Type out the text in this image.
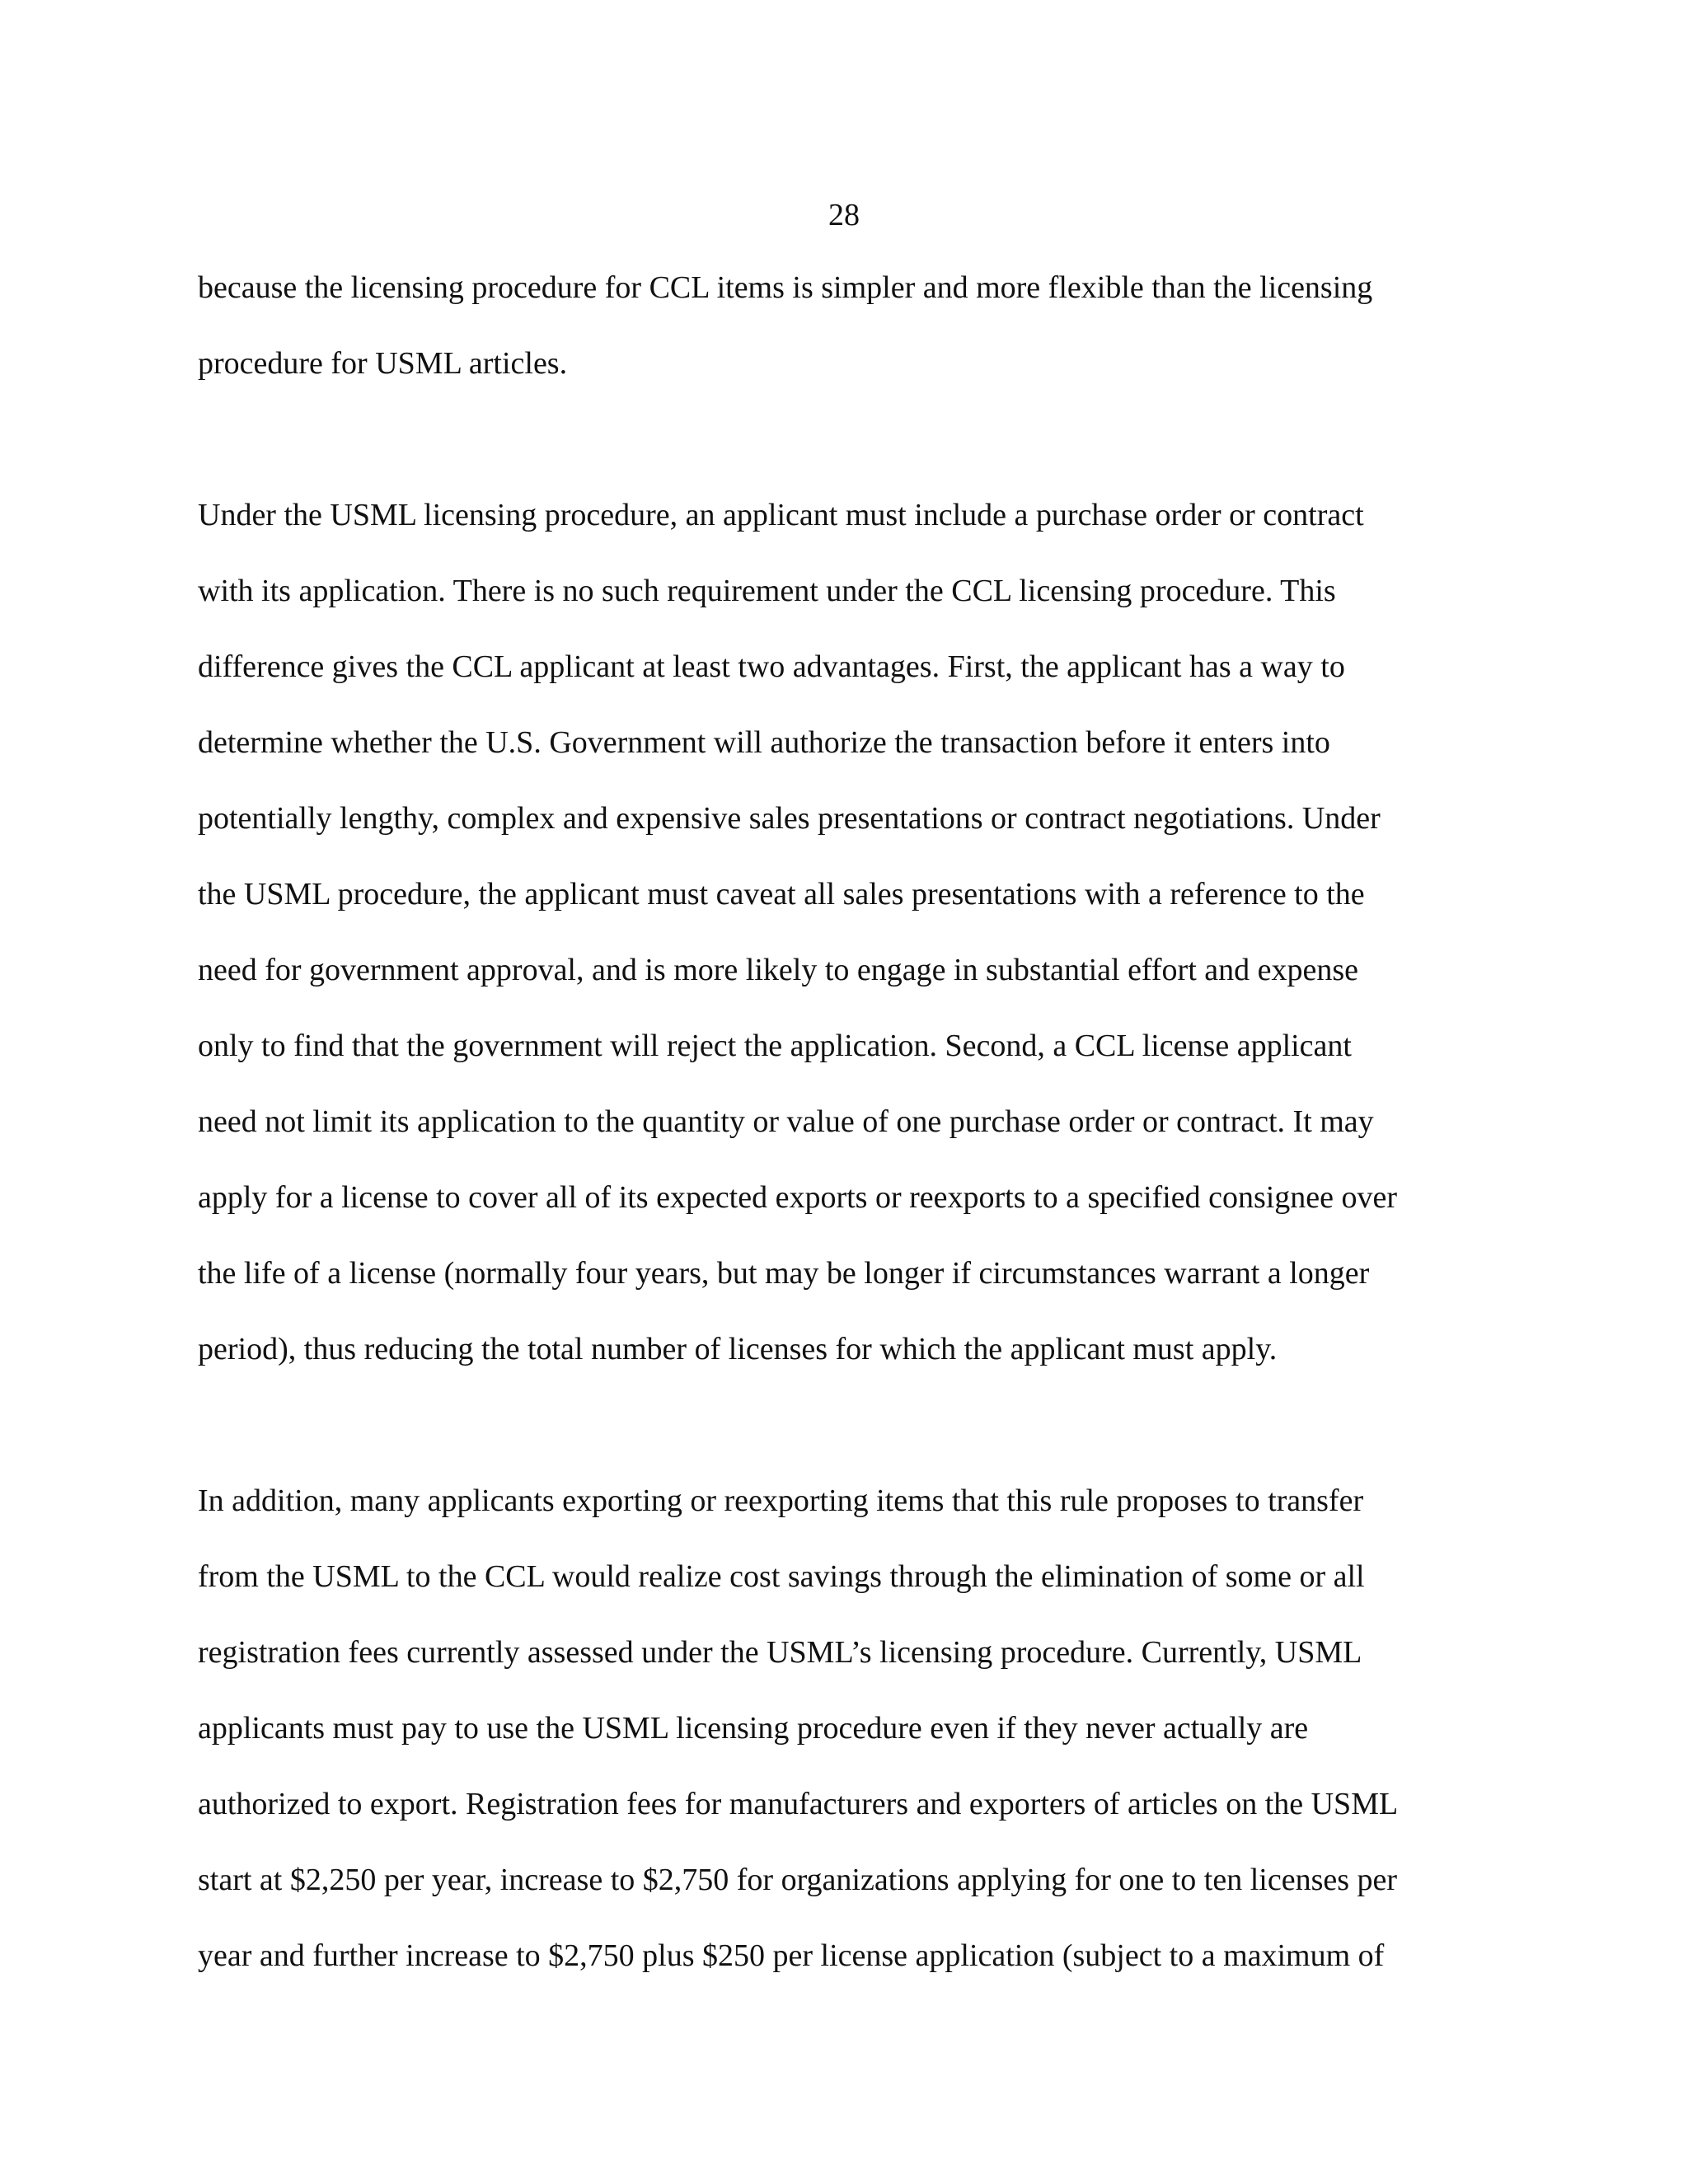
28
because the licensing procedure for CCL items is simpler and more flexible than the licensing
procedure for USML articles.
Under the USML licensing procedure, an applicant must include a purchase order or contract
with its application. There is no such requirement under the CCL licensing procedure. This
difference gives the CCL applicant at least two advantages. First, the applicant has a way to
determine whether the U.S. Government will authorize the transaction before it enters into
potentially lengthy, complex and expensive sales presentations or contract negotiations. Under
the USML procedure, the applicant must caveat all sales presentations with a reference to the
need for government approval, and is more likely to engage in substantial effort and expense
only to find that the government will reject the application. Second, a CCL license applicant
need not limit its application to the quantity or value of one purchase order or contract. It may
apply for a license to cover all of its expected exports or reexports to a specified consignee over
the life of a license (normally four years, but may be longer if circumstances warrant a longer
period), thus reducing the total number of licenses for which the applicant must apply.
In addition, many applicants exporting or reexporting items that this rule proposes to transfer
from the USML to the CCL would realize cost savings through the elimination of some or all
registration fees currently assessed under the USML’s licensing procedure. Currently, USML
applicants must pay to use the USML licensing procedure even if they never actually are
authorized to export. Registration fees for manufacturers and exporters of articles on the USML
start at $2,250 per year, increase to $2,750 for organizations applying for one to ten licenses per
year and further increase to $2,750 plus $250 per license application (subject to a maximum of
